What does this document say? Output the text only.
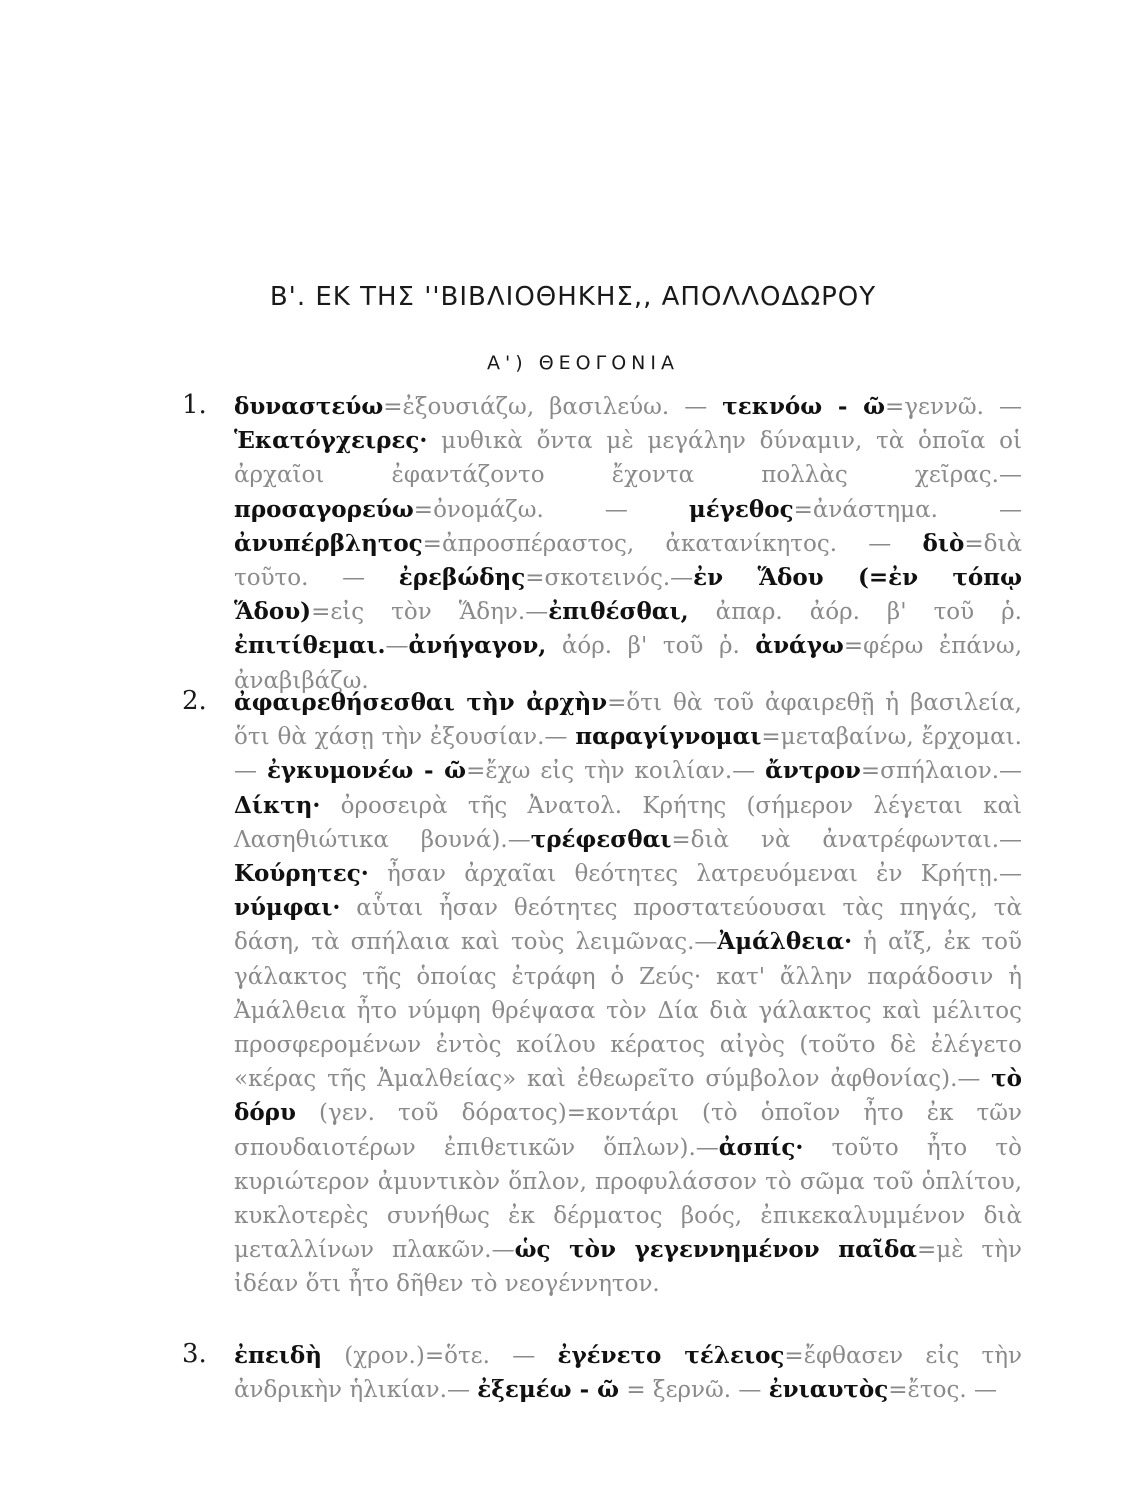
B'. ΕΚ ΤΗΣ ''BIBΛΙΟΘΗΚΗΣ,, ΑΠΟΛΛΟΔΩΡΟΥ
Α') ΘΕΟΓΟΝΙΑ
1. δυναστεύω=ἐξουσιάζω, βασιλεύω. — τεκνόω - ῶ=γεννῶ. — Ἑκατόγχειρες· μυθικὰ ὄντα μὲ μεγάλην δύναμιν, τὰ ὁποῖα οἱ ἀρχαῖοι ἐφαντάζοντο ἔχοντα πολλὰς χεῖρας.— προσαγορεύω=ὀνομάζω. — μέγεθος=ἀνάστημα. — ἀνυπέρβλητος=ἀπροσπέραστος, ἀκατανίκητος. — διὸ=διὰ τοῦτο. — ἐρεβώδης=σκοτεινός.—ἐν Ἅδου (=ἐν τόπῳ Ἅδου)=εἰς τὸν Ἅδην.—ἐπιθέσθαι, ἀπαρ. ἀόρ. β' τοῦ ῥ. ἐπιτίθεμαι.—ἀνήγαγον, ἀόρ. β' τοῦ ῥ. ἀνάγω=φέρω ἐπάνω, ἀναβιβάζω.
2. ἀφαιρεθήσεσθαι τὴν ἀρχὴν=ὅτι θὰ τοῦ ἀφαιρεθῇ ἡ βασιλεία, ὅτι θὰ χάσῃ τὴν ἐξουσίαν.— παραγίγνομαι=μεταβαίνω, ἔρχομαι.— ἐγκυμονέω - ῶ=ἔχω εἰς τὴν κοιλίαν.— ἄντρον=σπήλαιον.— Δίκτη· ὀροσειρὰ τῆς Ἀνατολ. Κρήτης (σήμερον λέγεται καὶ Λασηθιώτικα βουνά).—τρέφεσθαι=διὰ νὰ ἀνατρέφωνται.—Κούρητες· ἦσαν ἀρχαῖαι θεότητες λατρευόμεναι ἐν Κρήτῃ.—νύμφαι· αὗται ἦσαν θεότητες προστατεύουσαι τὰς πηγάς, τὰ δάση, τὰ σπήλαια καὶ τοὺς λειμῶνας.—Ἀμάλθεια· ἡ αἴξ, ἐκ τοῦ γάλακτος τῆς ὁποίας ἐτράφη ὁ Ζεύς· κατ' ἄλλην παράδοσιν ἡ Ἀμάλθεια ἦτο νύμφη θρέψασα τὸν Δία διὰ γάλακτος καὶ μέλιτος προσφερομένων ἐντὸς κοίλου κέρατος αἰγὸς (τοῦτο δὲ ἐλέγετο «κέρας τῆς Ἀμαλθείας» καὶ ἐθεωρεῖτο σύμβολον ἀφθονίας).— τὸ δόρυ (γεν. τοῦ δόρατος)=κοντάρι (τὸ ὁποῖον ἦτο ἐκ τῶν σπουδαιοτέρων ἐπιθετικῶν ὅπλων).—ἀσπίς· τοῦτο ἦτο τὸ κυριώτερον ἀμυντικὸν ὅπλον, προφυλάσσον τὸ σῶμα τοῦ ὁπλίτου, κυκλοτερὲς συνήθως ἐκ δέρματος βοός, ἐπικεκαλυμμένον διὰ μεταλλίνων πλακῶν.—ὡς τὸν γεγεννημένον παῖδα=μὲ τὴν ἰδέαν ὅτι ἦτο δῆθεν τὸ νεογέννητον.
3. ἐπειδὴ (χρον.)=ὅτε. — ἐγένετο τέλειος=ἔφθασεν εἰς τὴν ἀνδρικὴν ἡλικίαν.— ἐξεμέω - ῶ = ξερνῶ. — ἐνιαυτὸς=ἔτος. —
